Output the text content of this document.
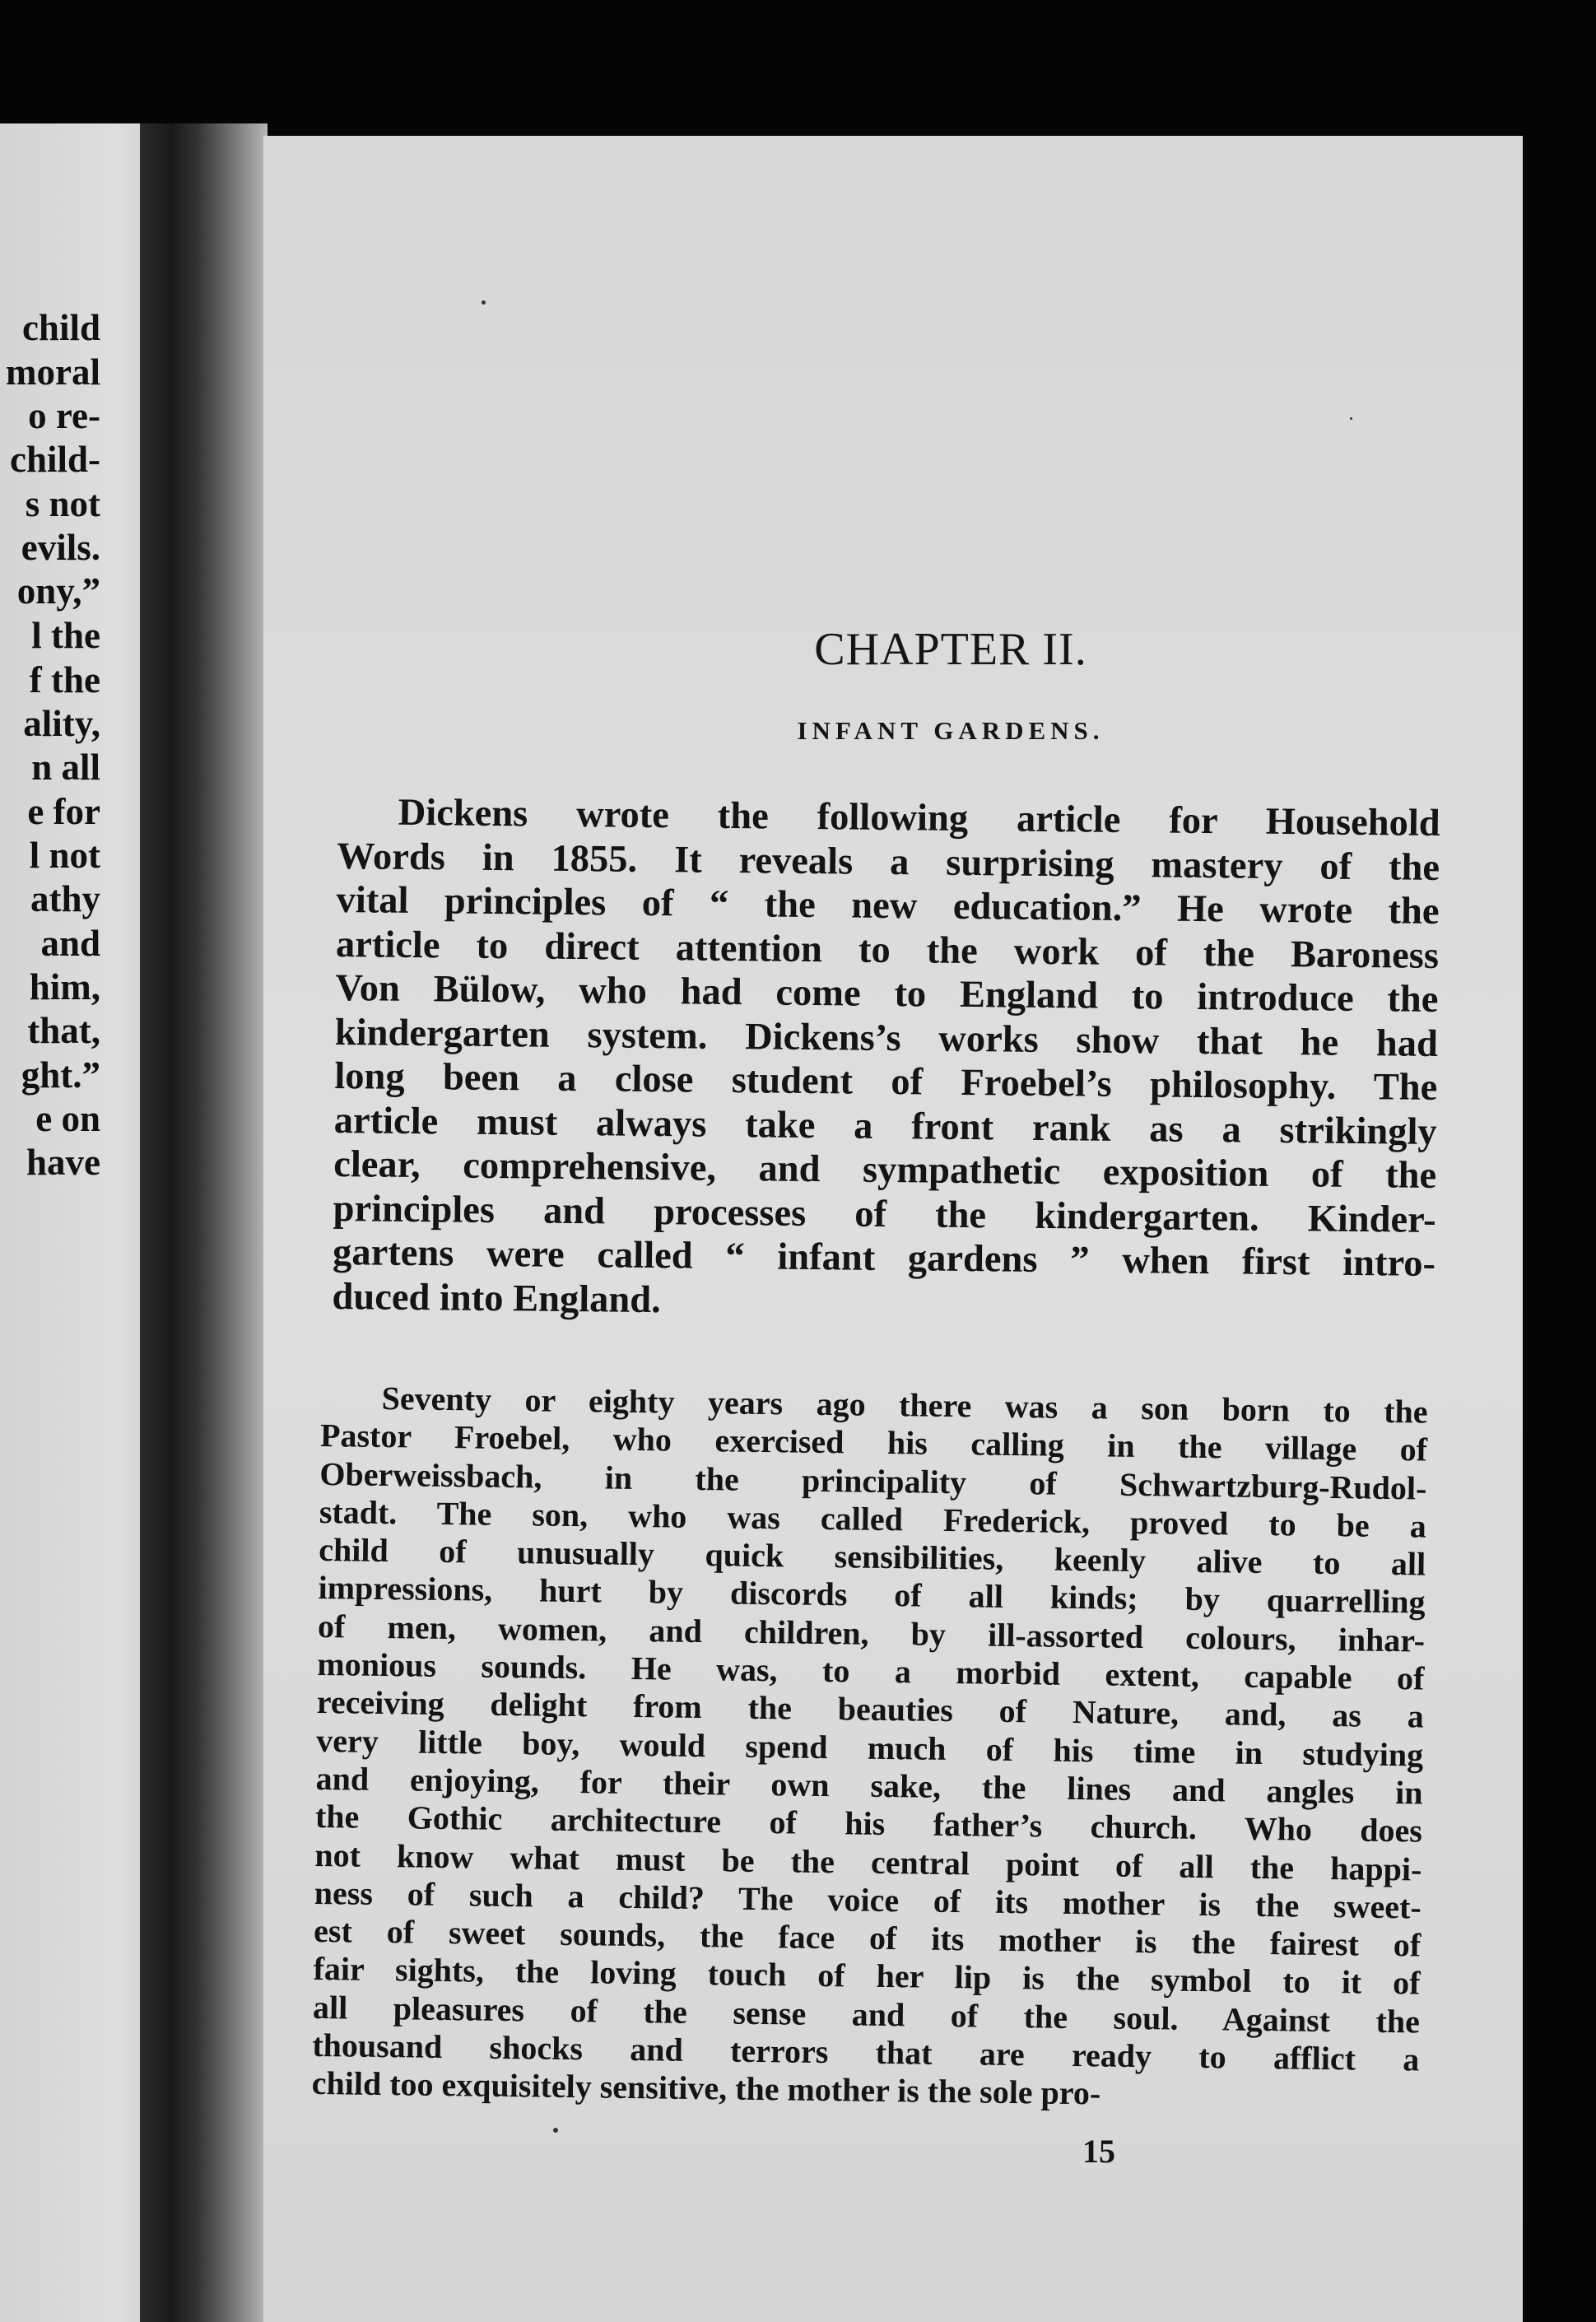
child
moral
o re-
child-
s not
evils.
ony,”
l the
f the
ality,
n all
e for
l not
athy
and
him,
that,
ght.”
e on
have
CHAPTER II.
INFANT GARDENS.
Dickens wrote the following article for Household
Words in 1855. It reveals a surprising mastery of the
vital principles of “ the new education.” He wrote the
article to direct attention to the work of the Baroness
Von Bülow, who had come to England to introduce the
kindergarten system. Dickens’s works show that he had
long been a close student of Froebel’s philosophy. The
article must always take a front rank as a strikingly
clear, comprehensive, and sympathetic exposition of the
principles and processes of the kindergarten. Kinder-
gartens were called “ infant gardens ” when first intro-
duced into England.
Seventy or eighty years ago there was a son born to the
Pastor Froebel, who exercised his calling in the village of
Oberweissbach, in the principality of Schwartzburg-Rudol-
stadt. The son, who was called Frederick, proved to be a
child of unusually quick sensibilities, keenly alive to all
impressions, hurt by discords of all kinds; by quarrelling
of men, women, and children, by ill-assorted colours, inhar-
monious sounds. He was, to a morbid extent, capable of
receiving delight from the beauties of Nature, and, as a
very little boy, would spend much of his time in studying
and enjoying, for their own sake, the lines and angles in
the Gothic architecture of his father’s church. Who does
not know what must be the central point of all the happi-
ness of such a child? The voice of its mother is the sweet-
est of sweet sounds, the face of its mother is the fairest of
fair sights, the loving touch of her lip is the symbol to it of
all pleasures of the sense and of the soul. Against the
thousand shocks and terrors that are ready to afflict a
child too exquisitely sensitive, the mother is the sole pro-
15
